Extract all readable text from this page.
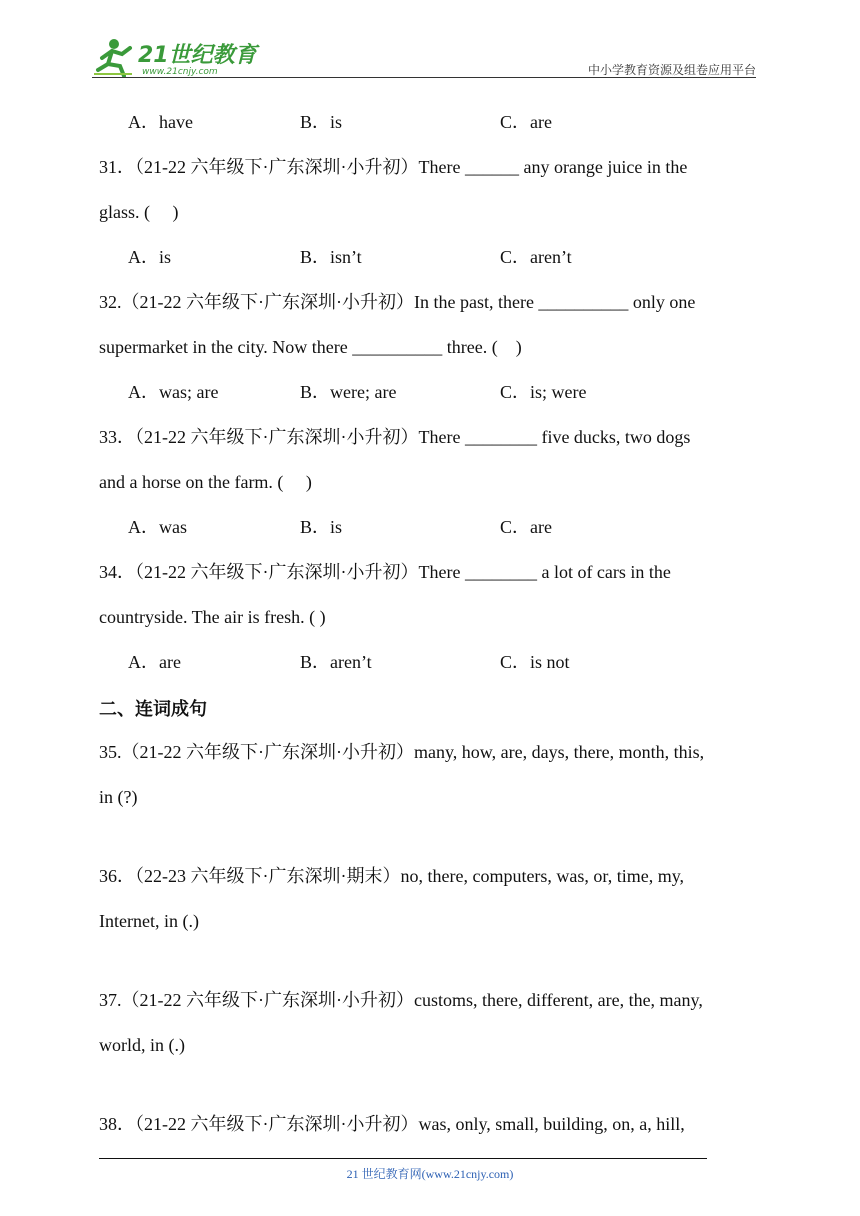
21世纪教育
www.21cnjy.com	中小学教育资源及组卷应用平台
A．have	B．is	C．are
31．（21-22 六年级下·广东深圳·小升初）There ______ any orange juice in the
glass. (　 )
A．is	B．isn’t	C．aren’t
32.（21-22 六年级下·广东深圳·小升初）In the past, there __________ only one
supermarket in the city. Now there __________ three. (　)
A．was; are	B．were; are	C．is; were
33．（21-22 六年级下·广东深圳·小升初）There ________ five ducks, two dogs
and a horse on the farm. (　 )
A．was	B．is	C．are
34．（21-22 六年级下·广东深圳·小升初）There ________ a lot of cars in the
countryside. The air is fresh. ( )
A．are	B．aren’t	C．is not
二、连词成句
35.（21-22 六年级下·广东深圳·小升初）many, how, are, days, there, month, this,
in (?)
36．（22-23 六年级下·广东深圳·期末）no, there, computers, was, or, time, my,
Internet, in (.)
37.（21-22 六年级下·广东深圳·小升初）customs, there, different, are, the, many,
world, in (.)
38．（21-22 六年级下·广东深圳·小升初）was, only, small, building, on, a, hill,
21 世纪教育网(www.21cnjy.com)
